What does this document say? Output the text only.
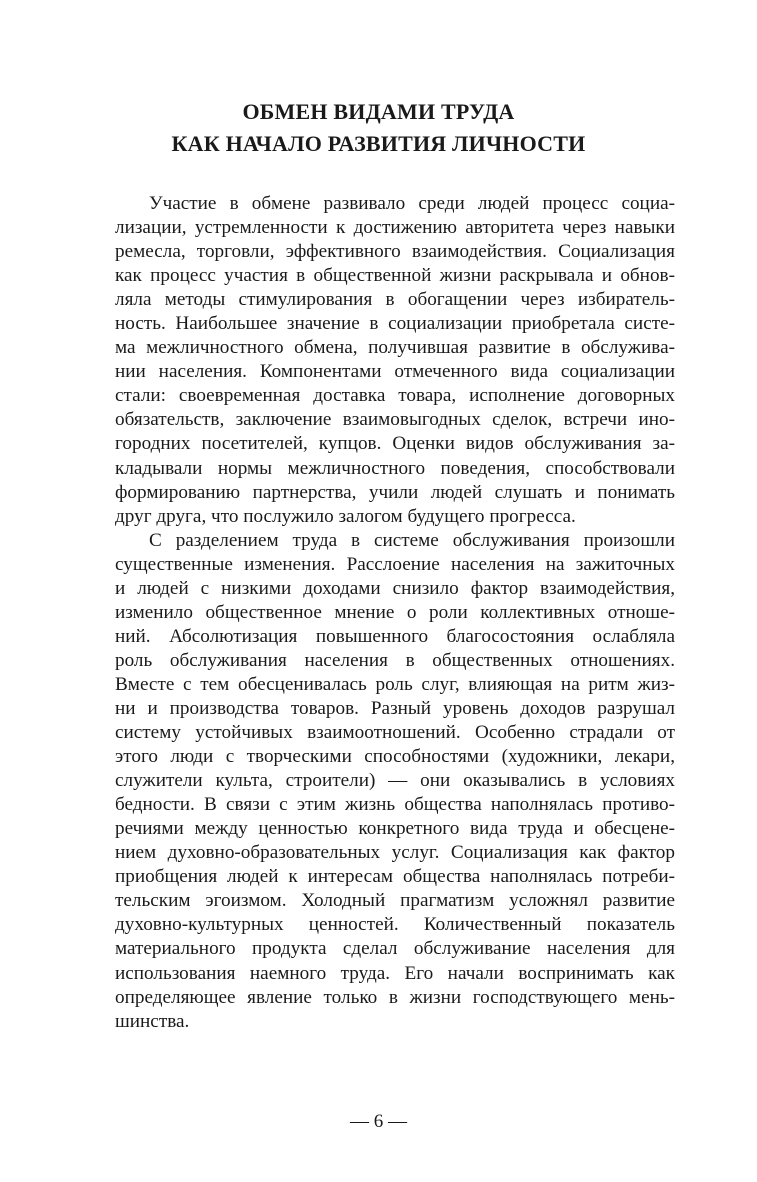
ОБМЕН ВИДАМИ ТРУДА
КАК НАЧАЛО РАЗВИТИЯ ЛИЧНОСТИ
Участие в обмене развивало среди людей процесс социа-
лизации, устремленности к достижению авторитета через навыки
ремесла, торговли, эффективного взаимодействия. Социализация
как процесс участия в общественной жизни раскрывала и обнов-
ляла методы стимулирования в обогащении через избиратель-
ность. Наибольшее значение в социализации приобретала систе-
ма межличностного обмена, получившая развитие в обслужива-
нии населения. Компонентами отмеченного вида социализации
стали: своевременная доставка товара, исполнение договорных
обязательств, заключение взаимовыгодных сделок, встречи ино-
городних посетителей, купцов. Оценки видов обслуживания за-
кладывали нормы межличностного поведения, способствовали
формированию партнерства, учили людей слушать и понимать
друг друга, что послужило залогом будущего прогресса.
С разделением труда в системе обслуживания произошли
существенные изменения. Расслоение населения на зажиточных
и людей с низкими доходами снизило фактор взаимодействия,
изменило общественное мнение о роли коллективных отноше-
ний. Абсолютизация повышенного благосостояния ослабляла
роль обслуживания населения в общественных отношениях.
Вместе с тем обесценивалась роль слуг, влияющая на ритм жиз-
ни и производства товаров. Разный уровень доходов разрушал
систему устойчивых взаимоотношений. Особенно страдали от
этого люди с творческими способностями (художники, лекари,
служители культа, строители) — они оказывались в условиях
бедности. В связи с этим жизнь общества наполнялась противо-
речиями между ценностью конкретного вида труда и обесцене-
нием духовно-образовательных услуг. Социализация как фактор
приобщения людей к интересам общества наполнялась потреби-
тельским эгоизмом. Холодный прагматизм усложнял развитие
духовно-культурных ценностей. Количественный показатель
материального продукта сделал обслуживание населения для
использования наемного труда. Его начали воспринимать как
определяющее явление только в жизни господствующего мень-
шинства.
— 6 —
